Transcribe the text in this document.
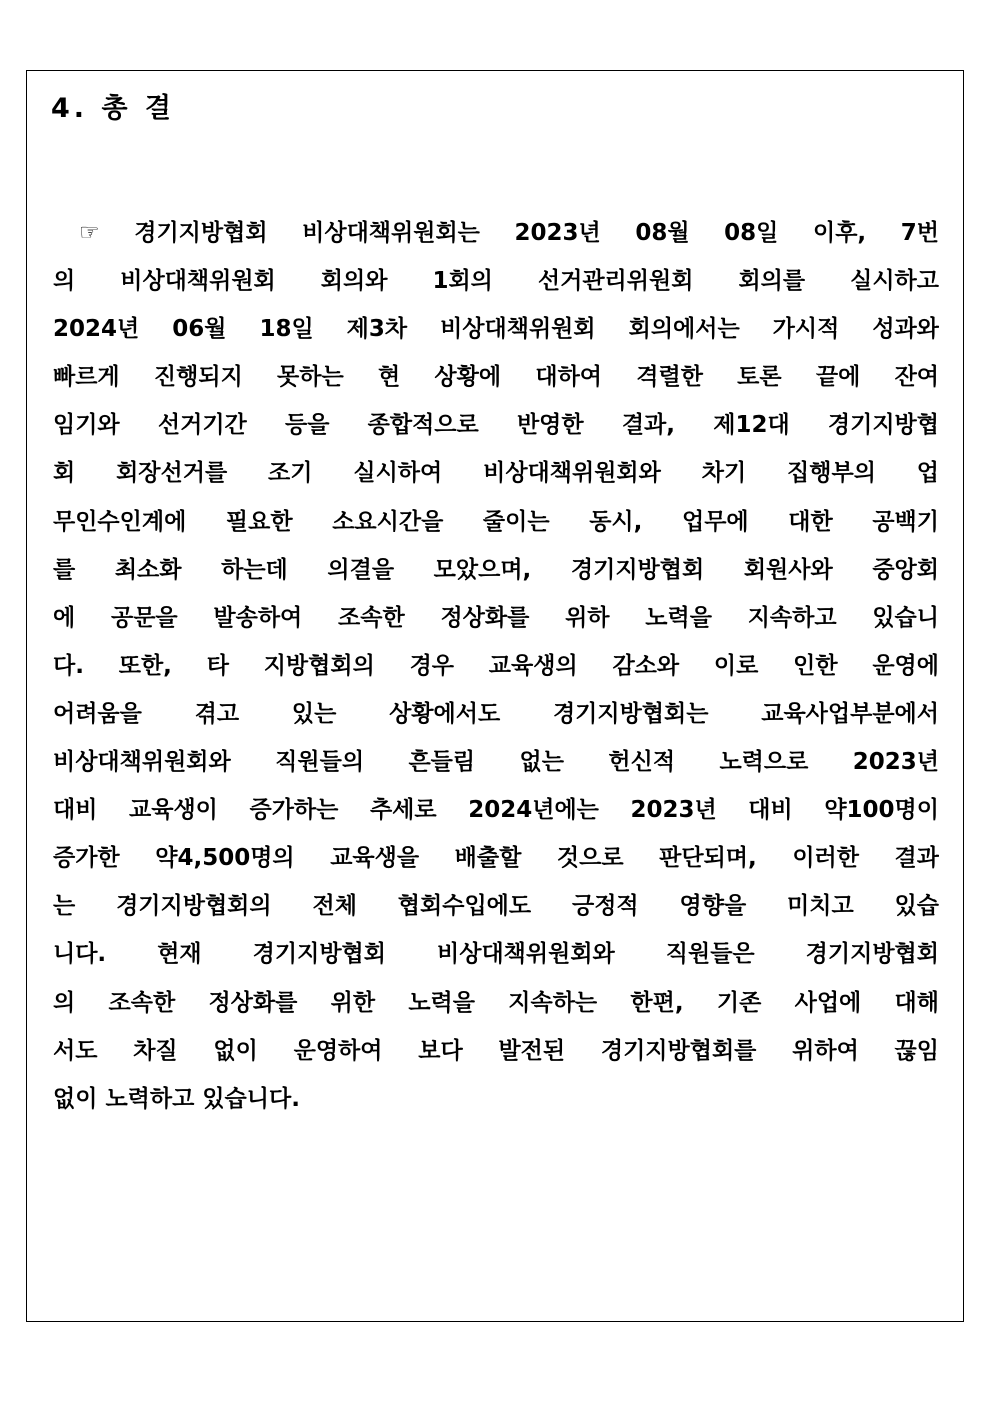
4. 총 결
☞ 경기지방협회 비상대책위원회는 2023년 08월 08일 이후, 7번
의 비상대책위원회 회의와 1회의 선거관리위원회 회의를 실시하고
2024년 06월 18일 제3차 비상대책위원회 회의에서는 가시적 성과와
빠르게 진행되지 못하는 현 상황에 대하여 격렬한 토론 끝에 잔여
임기와 선거기간 등을 종합적으로 반영한 결과, 제12대 경기지방협
회 회장선거를 조기 실시하여 비상대책위원회와 차기 집행부의 업
무인수인계에 필요한 소요시간을 줄이는 동시, 업무에 대한 공백기
를 최소화 하는데 의결을 모았으며, 경기지방협회 회원사와 중앙회
에 공문을 발송하여 조속한 정상화를 위하 노력을 지속하고 있습니
다. 또한, 타 지방협회의 경우 교육생의 감소와 이로 인한 운영에
어려움을 겪고 있는 상황에서도 경기지방협회는 교육사업부분에서
비상대책위원회와 직원들의 흔들림 없는 헌신적 노력으로 2023년
대비 교육생이 증가하는 추세로 2024년에는 2023년 대비 약100명이
증가한 약4,500명의 교육생을 배출할 것으로 판단되며, 이러한 결과
는 경기지방협회의 전체 협회수입에도 긍정적 영향을 미치고 있습
니다. 현재 경기지방협회 비상대책위원회와 직원들은 경기지방협회
의 조속한 정상화를 위한 노력을 지속하는 한편, 기존 사업에 대해
서도 차질 없이 운영하여 보다 발전된 경기지방협회를 위하여 끊임
없이 노력하고 있습니다.
